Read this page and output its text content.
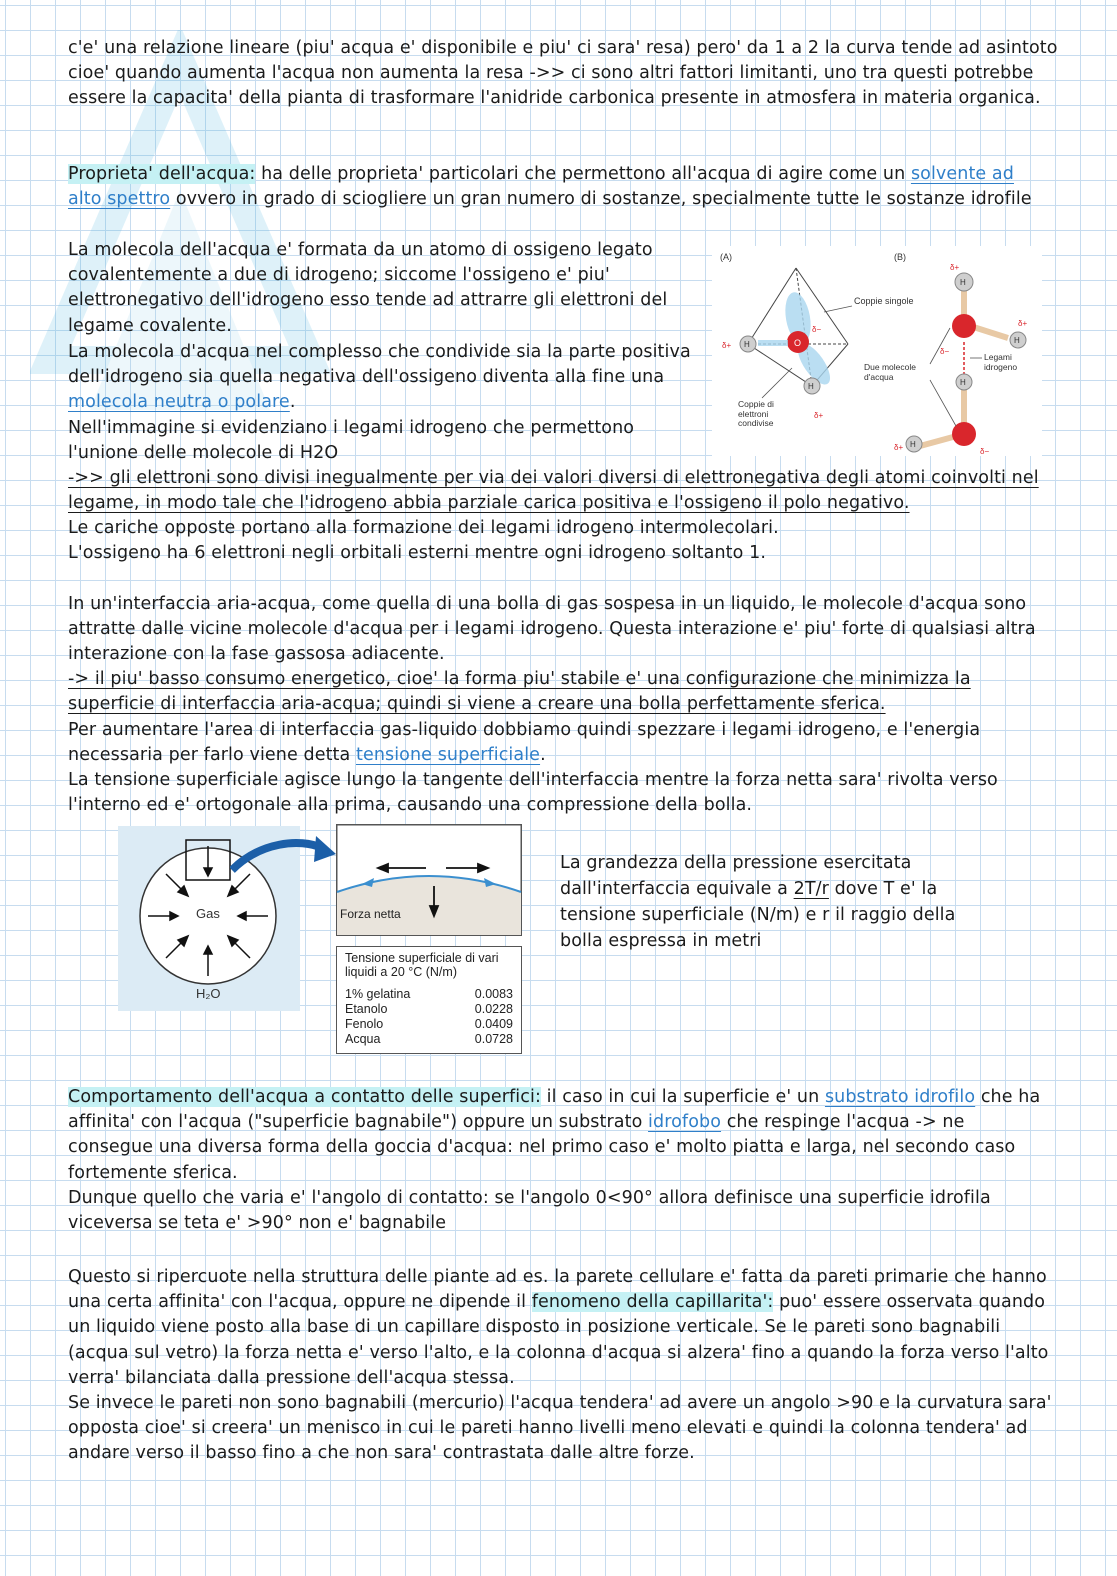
c'e' una relazione lineare (piu' acqua e' disponibile e piu' ci sara' resa) pero' da 1 a 2 la curva tende ad asintoto cioe' quando aumenta l'acqua non aumenta la resa ->> ci sono altri fattori limitanti, uno tra questi potrebbe essere la capacita' della pianta di trasformare l'anidride carbonica presente in atmosfera in materia organica.

Proprieta' dell'acqua: ha delle proprieta' particolari che permettono all'acqua di agire come un solvente ad alto spettro ovvero in grado di sciogliere un gran numero di sostanze, specialmente tutte le sostanze idrofile

La molecola dell'acqua e' formata da un atomo di ossigeno legato covalentemente a due di idrogeno; siccome l'ossigeno e' piu' elettronegativo dell'idrogeno esso tende ad attrarre gli elettroni del legame covalente.

La molecola d'acqua nel complesso che condivide sia la parte positiva dell'idrogeno sia quella negativa dell'ossigeno diventa alla fine una molecola neutra o polare.

Nell'immagine si evidenziano i legami idrogeno che permettono l'unione delle molecole di H2O

->> gli elettroni sono divisi inegualmente per via dei valori diversi di elettronegativa degli atomi coinvolti nel legame, in modo tale che l'idrogeno abbia parziale carica positiva e l'ossigeno il polo negativo.

Le cariche opposte portano alla formazione dei legami idrogeno intermolecolari.

L'ossigeno ha 6 elettroni negli orbitali esterni mentre ogni idrogeno soltanto 1.

In un'interfaccia aria-acqua, come quella di una bolla di gas sospesa in un liquido, le molecole d'acqua sono attratte dalle vicine molecole d'acqua per i legami idrogeno. Questa interazione e' piu' forte di qualsiasi altra interazione con la fase gassosa adiacente.

-> il piu' basso consumo energetico, cioe' la forma piu' stabile e' una configurazione che minimizza la superficie di interfaccia aria-acqua; quindi si viene a creare una bolla perfettamente sferica.

Per aumentare l'area di interfaccia gas-liquido dobbiamo quindi spezzare i legami idrogeno, e l'energia necessaria per farlo viene detta tensione superficiale.

La tensione superficiale agisce lungo la tangente dell'interfaccia mentre la forza netta sara' rivolta verso l'interno ed e' ortogonale alla prima, causando una compressione della bolla.

La grandezza della pressione esercitata dall'interfaccia equivale a 2T/r dove T e' la tensione superficiale (N/m) e r il raggio della bolla espressa in metri

Comportamento dell'acqua a contatto delle superfici: il caso in cui la superficie e' un substrato idrofilo che ha affinita' con l'acqua ("superficie bagnabile") oppure un substrato idrofobo che respinge l'acqua -> ne consegue una diversa forma della goccia d'acqua: nel primo caso e' molto piatta e larga, nel secondo caso fortemente sferica.

Dunque quello che varia e' l'angolo di contatto: se l'angolo 0<90° allora definisce una superficie idrofila viceversa se teta e' >90° non e' bagnabile

Questo si ripercuote nella struttura delle piante ad es. la parete cellulare e' fatta da pareti primarie che hanno una certa affinita' con l'acqua, oppure ne dipende il fenomeno della capillarita': puo' essere osservata quando un liquido viene posto alla base di un capillare disposto in posizione verticale. Se le pareti sono bagnabili (acqua sul vetro) la forza netta e' verso l'alto, e la colonna d'acqua si alzera' fino a quando la forza verso l'alto verra' bilanciata dalla pressione dell'acqua stessa.

Se invece le pareti non sono bagnabili (mercurio) l'acqua tendera' ad avere un angolo >90 e la curvatura sara' opposta cioe' si creera' un menisco in cui le pareti hanno livelli meno elevati e quindi la colonna tendera' ad andare verso il basso fino a che non sara' contrastata dalle altre forze.

(A)	(B)
O
H
H
δ+
δ−
δ+
Coppie singole
Coppie di elettroni condivise
H
H
H
H
Due molecole d'acqua
Legami idrogeno
δ+
δ+
δ−
δ−
δ+
Gas
H₂O
Forza netta
Tensione superficiale di vari liquidi a 20 °C (N/m)
1% gelatina	0.0083
Etanolo	0.0228
Fenolo	0.0409
Acqua	0.0728
